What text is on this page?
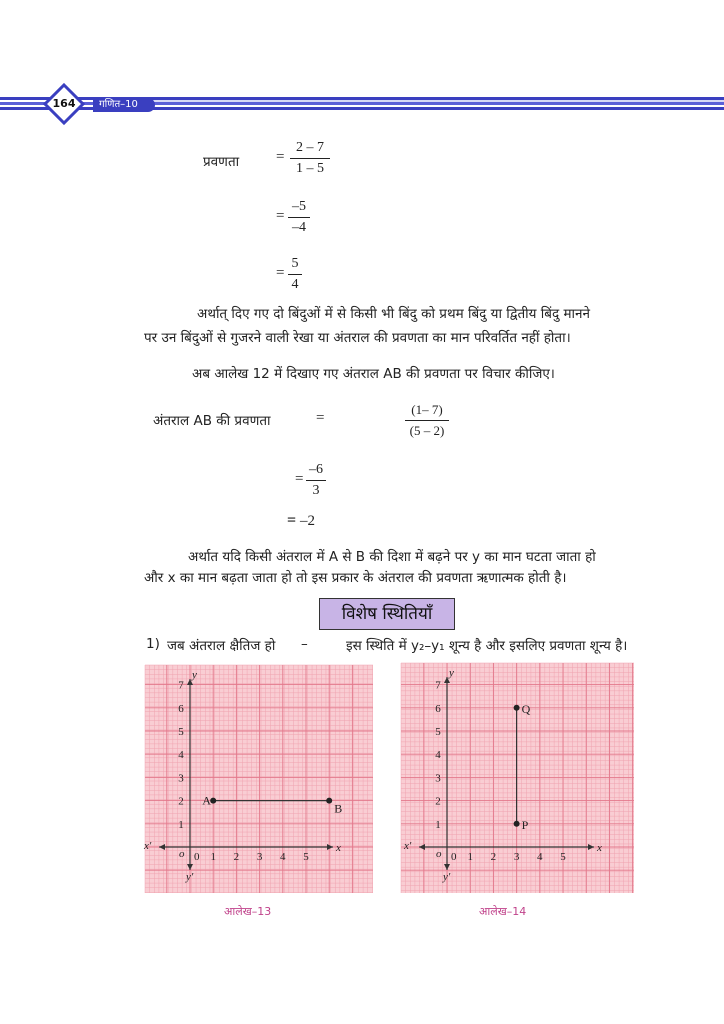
164	गणित–10
प्रवणता = $\frac{2 - 7}{1 - 5}$
= $\frac{-5}{-4}$
= $\frac{5}{4}$
अर्थात् दिए गए दो बिंदुओं में से किसी भी बिंदु को प्रथम बिंदु या द्वितीय बिंदु मानने
पर उन बिंदुओं से गुजरने वाली रेखा या अंतराल की प्रवणता का मान परिवर्तित नहीं होता।
अब आलेख 12 में दिखाए गए अंतराल AB की प्रवणता पर विचार कीजिए।
अंतराल AB की प्रवणता	=	$\frac{(1- 7)}{(5 - 2)}$
= $\frac{-6}{3}$
= –2
अर्थात यदि किसी अंतराल में A से B की दिशा में बढ़ने पर y का मान घटता जाता हो
और x का मान बढ़ता जाता हो तो इस प्रकार के अंतराल की प्रवणता ऋणात्मक होती है।
विशेष स्थितियाँ
1) जब अंतराल क्षैतिज हो –	इस स्थिति में y₂–y₁ शून्य है और इसलिए प्रवणता शून्य है।
1 2 3 4 5
1
2
3
4
5
6
7
0
o	x
x′
y
y′
A
B
आलेख–13
1 2 3 4 5
1
2
3
4
5
6
7
0
o	x
x′
y
y′
P
Q
आलेख–14
